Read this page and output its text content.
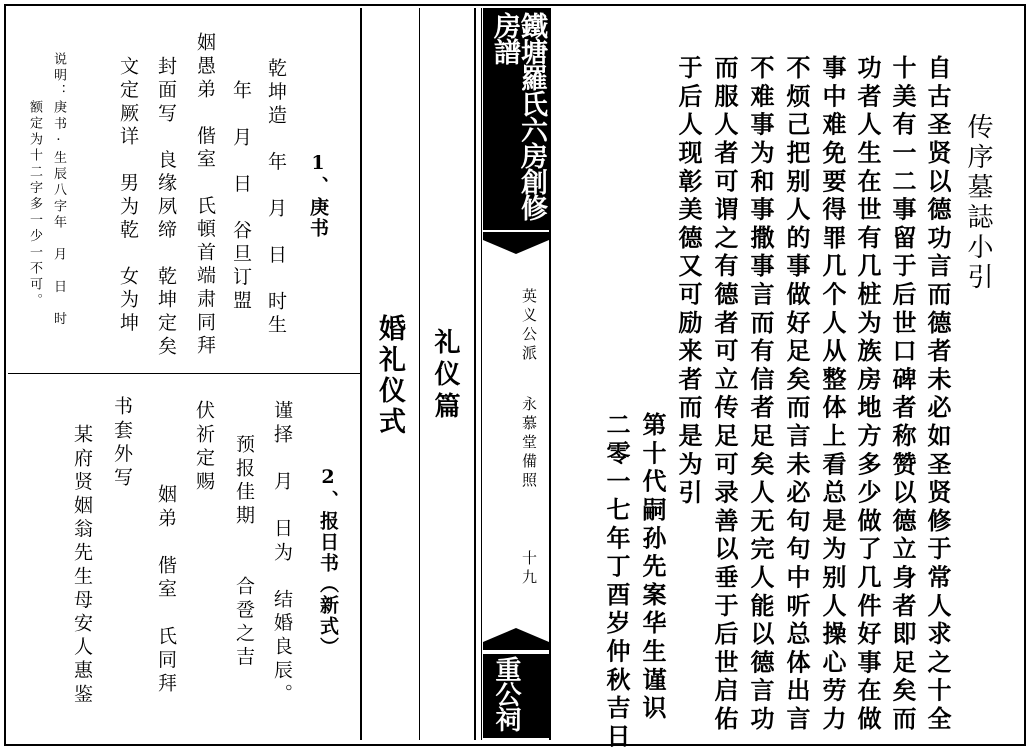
传序墓誌小引
自古圣贤以德功言而德者未必如圣贤修于常人求之十全
十美有一二事留于后世口碑者称赞以德立身者即足矣而
功者人生在世有几桩为族房地方多少做了几件好事在做
事中难免要得罪几个人从整体上看总是为别人操心劳力
不烦己把别人的事做好足矣而言未必句句中听总体出言
不难事为和事撒事言而有信者足矣人无完人能以德言功
而服人者可谓之有德者可立传足可录善以垂于后世启佑
于后人现彰美德又可励来者而是为引
第十代嗣孙先案华生谨识
二零一七年丁酉岁仲秋吉日
鐵塘羅氏六房創修房譜
英义公派
永慕堂備照
十九
重公祠
礼仪篇
婚礼仪式
1、庚书
乾坤造　年　月　日　时生
年　月　日　谷旦订盟
姻愚弟　偕室　氏頓首端肃同拜
封面写　良缘夙缔　乾坤定矣
文定厥详　男为乾　女为坤
说明：庚书·生辰八字年　月　日　时
额定为十二字多一少一不可。
2、报日书（新式）
谨择　月　日为　结婚良辰。
预报佳期　　合卺之吉
伏祈定赐
姻弟　偕室　氏同拜
书套外写
某府贤姻翁先生母安人惠鉴
